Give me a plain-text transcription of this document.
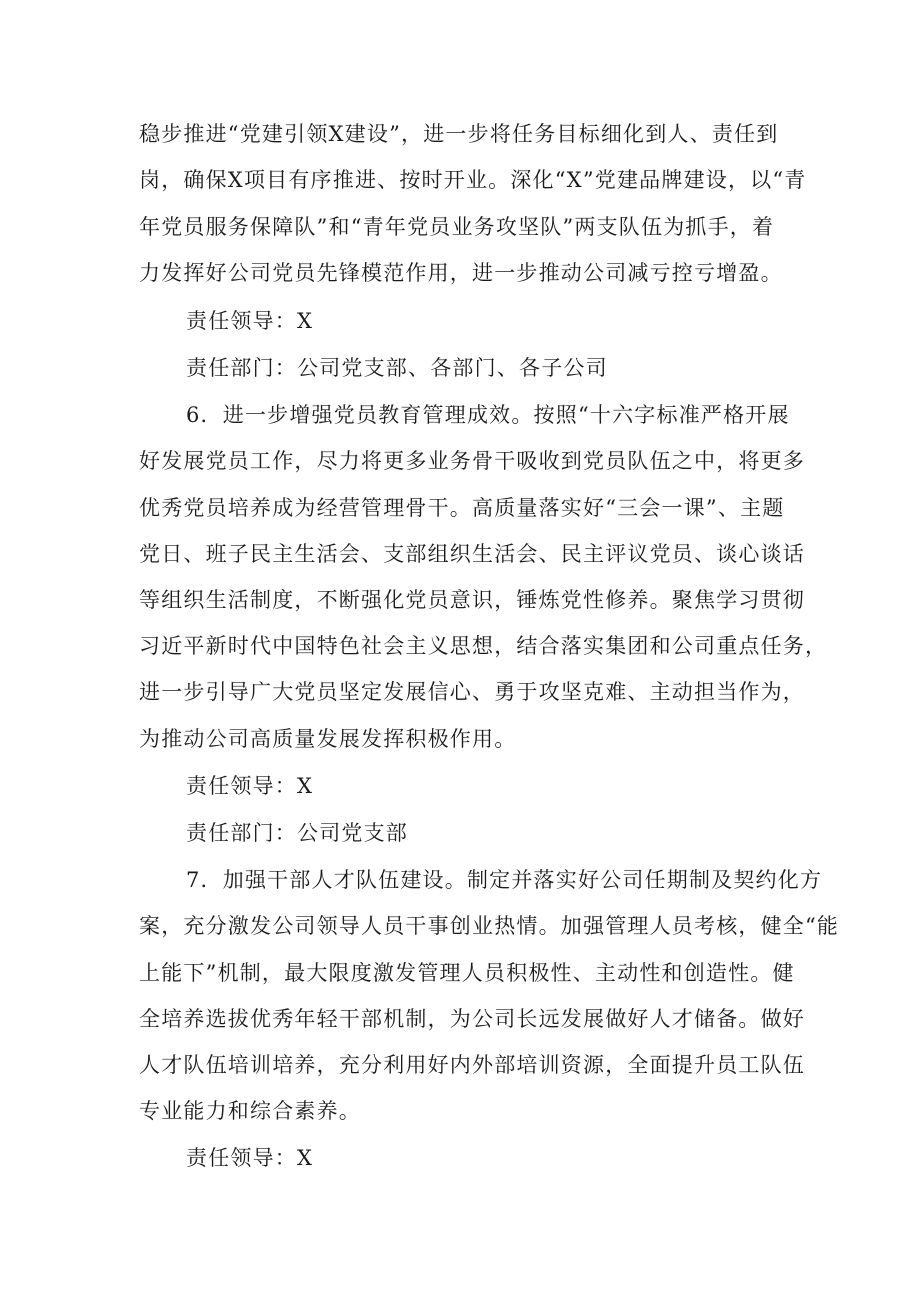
稳步推进“党建引领X建设”，进一步将任务目标细化到人、责任到
岗，确保X项目有序推进、按时开业。深化“X”党建品牌建设，以“青
年党员服务保障队”和“青年党员业务攻坚队”两支队伍为抓手，着
力发挥好公司党员先锋模范作用，进一步推动公司减亏控亏增盈。
责任领导：X
责任部门：公司党支部、各部门、各子公司
6．进一步增强党员教育管理成效。按照“十六字标准严格开展
好发展党员工作，尽力将更多业务骨干吸收到党员队伍之中，将更多
优秀党员培养成为经营管理骨干。高质量落实好“三会一课”、主题
党日、班子民主生活会、支部组织生活会、民主评议党员、谈心谈话
等组织生活制度，不断强化党员意识，锤炼党性修养。聚焦学习贯彻
习近平新时代中国特色社会主义思想，结合落实集团和公司重点任务，
进一步引导广大党员坚定发展信心、勇于攻坚克难、主动担当作为，
为推动公司高质量发展发挥积极作用。
责任领导：X
责任部门：公司党支部
7．加强干部人才队伍建设。制定并落实好公司任期制及契约化方
案，充分激发公司领导人员干事创业热情。加强管理人员考核，健全“能
上能下”机制，最大限度激发管理人员积极性、主动性和创造性。健
全培养选拔优秀年轻干部机制，为公司长远发展做好人才储备。做好
人才队伍培训培养，充分利用好内外部培训资源，全面提升员工队伍
专业能力和综合素养。
责任领导：X
